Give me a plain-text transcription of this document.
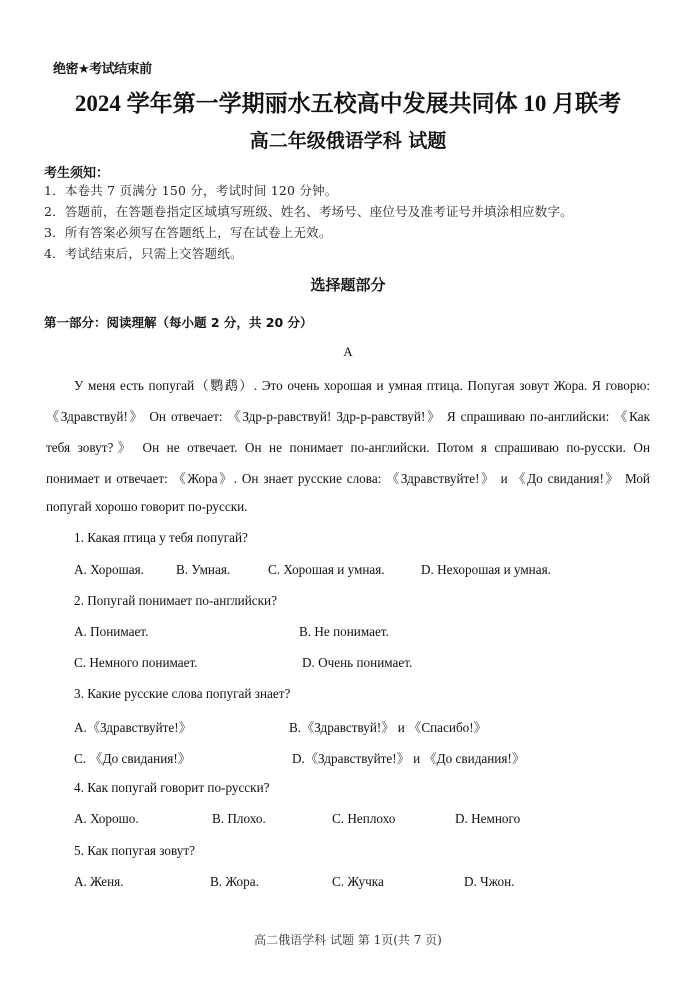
绝密★考试结束前
2024 学年第一学期丽水五校高中发展共同体 10 月联考
高二年级俄语学科 试题
考生须知：
1．本卷共 7 页满分 150 分，考试时间 120 分钟。
2．答题前，在答题卷指定区域填写班级、姓名、考场号、座位号及准考证号并填涂相应数字。
3．所有答案必须写在答题纸上，写在试卷上无效。
4．考试结束后，只需上交答题纸。
选择题部分
第一部分：阅读理解（每小题 2 分，共 20 分）
A
У меня есть попугай（鹦鹉）. Это очень хорошая и умная птица. Попугая зовут Жора. Я говорю:
《Здравствуй!》 Он отвечает: 《Здр-р-равствуй! Здр-р-равствуй!》 Я спрашиваю по-английски: 《Как
тебя зовут?》 Он не отвечает. Он не понимает по-английски. Потом я спрашиваю по-русски. Он
понимает и отвечает: 《Жора》. Он знает русские слова: 《Здравствуйте!》 и 《До свидания!》 Мой
попугай хорошо говорит по-русски.
1. Какая птица у тебя попугай?
A. Хорошая. B. Умная.	C. Хорошая и умная.	D. Нехорошая и умная.
2. Попугай понимает по-английски?
A. Понимает.	B. Не понимает.
C. Немного понимает.	D. Очень понимает.
3. Какие русские слова попугай знает?
A.《Здравствуйте!》	B.《Здравствуй!》 и 《Спасибо!》
C. 《До свидания!》	D.《Здравствуйте!》 и 《До свидания!》
4. Как попугай говорит по-русски?
A. Хорошо.	B. Плохо.	C. Неплохо	D. Немного
5. Как попугая зовут?
A. Женя.	B. Жора.	C. Жучка	D. Чжон.
高二俄语学科 试题 第 1页(共 7 页)
